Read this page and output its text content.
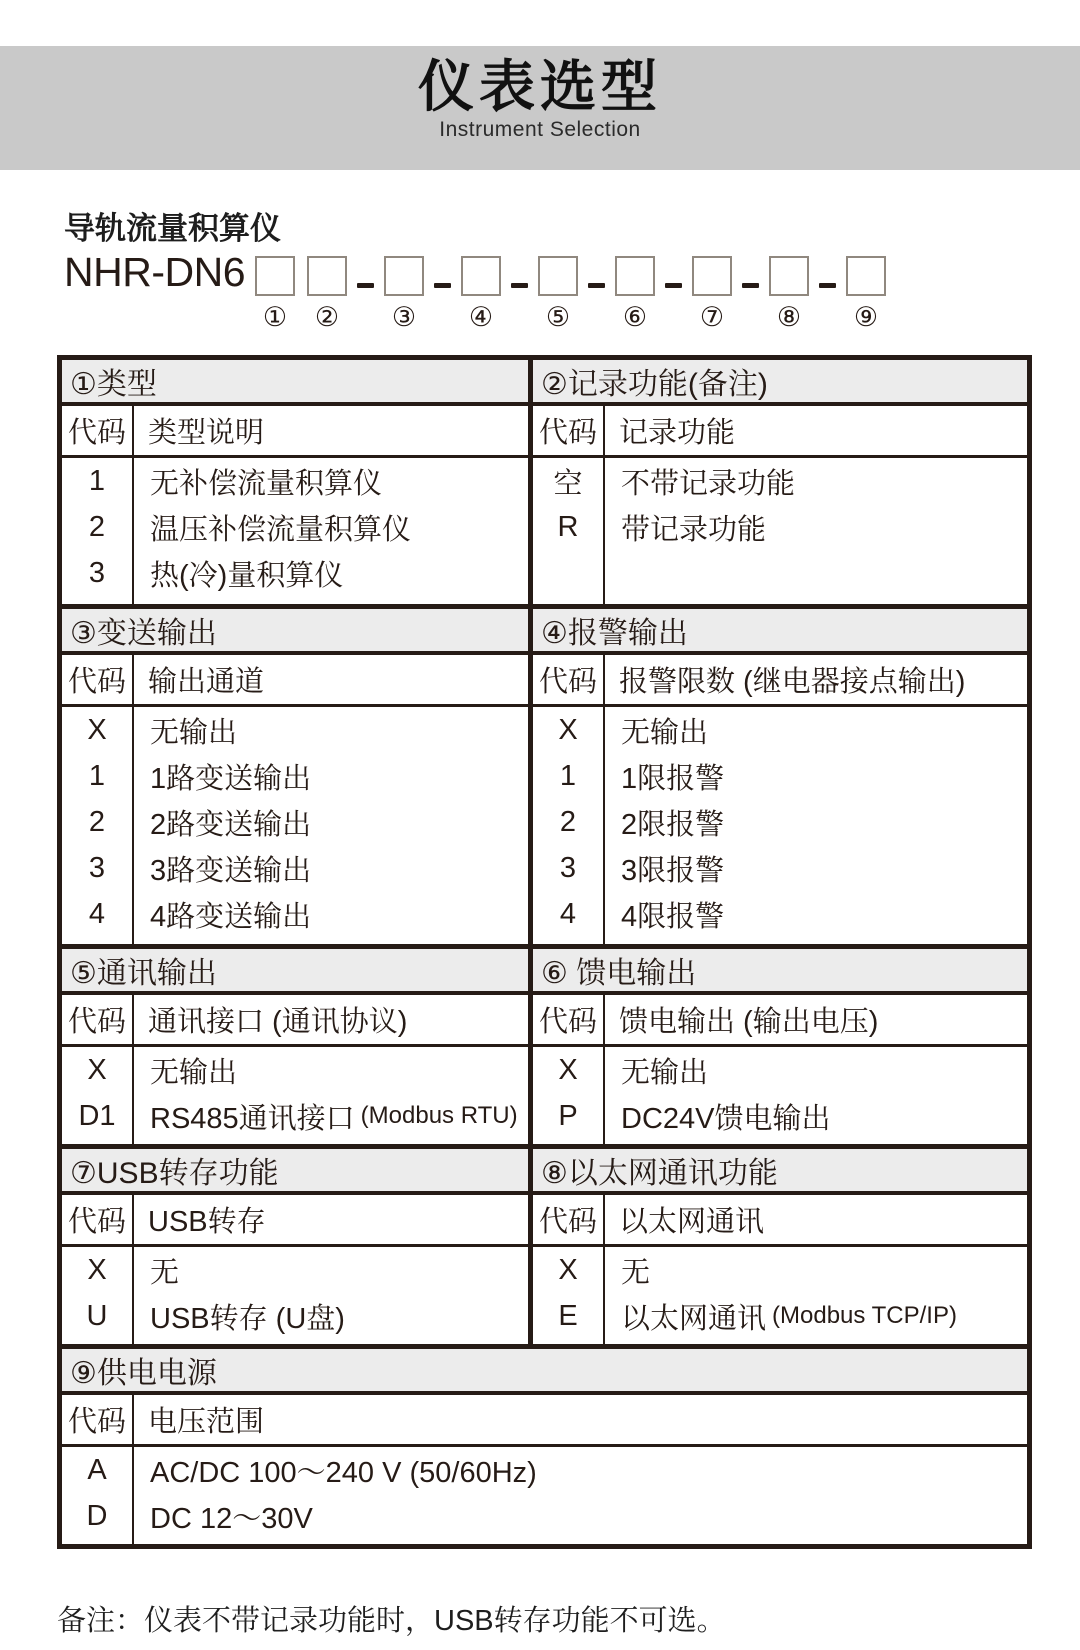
仪表选型

Instrument Selection

导轨流量积算仪
NHR-DN6
① ② ③ ④ ⑤ ⑥ ⑦ ⑧ ⑨
①类型
代码 类型说明
1
2
3
无补偿流量积算仪
温压补偿流量积算仪
热(冷)量积算仪
②记录功能(备注)
代码 记录功能
空
R
不带记录功能
带记录功能
③变送输出
代码 输出通道
X
1
2
3
4
无输出
1路变送输出
2路变送输出
3路变送输出
4路变送输出
④报警输出
代码 报警限数 (继电器接点输出)
X
1
2
3
4
无输出
1限报警
2限报警
3限报警
4限报警
⑤通讯输出
代码 通讯接口 (通讯协议)
X
D1
无输出
RS485通讯接口 (Modbus RTU)
⑥ 馈电输出
代码 馈电输出 (输出电压)
X
P
无输出
DC24V馈电输出
⑦USB转存功能
代码 USB转存
X
U
无
USB转存 (U盘)
⑧以太网通讯功能
代码 以太网通讯
X
E
无
以太网通讯 (Modbus TCP/IP)
⑨供电电源
代码 电压范围
A
D
AC/DC 100～240 V (50/60Hz)
DC 12～30V
备注：仪表不带记录功能时，USB转存功能不可选。
